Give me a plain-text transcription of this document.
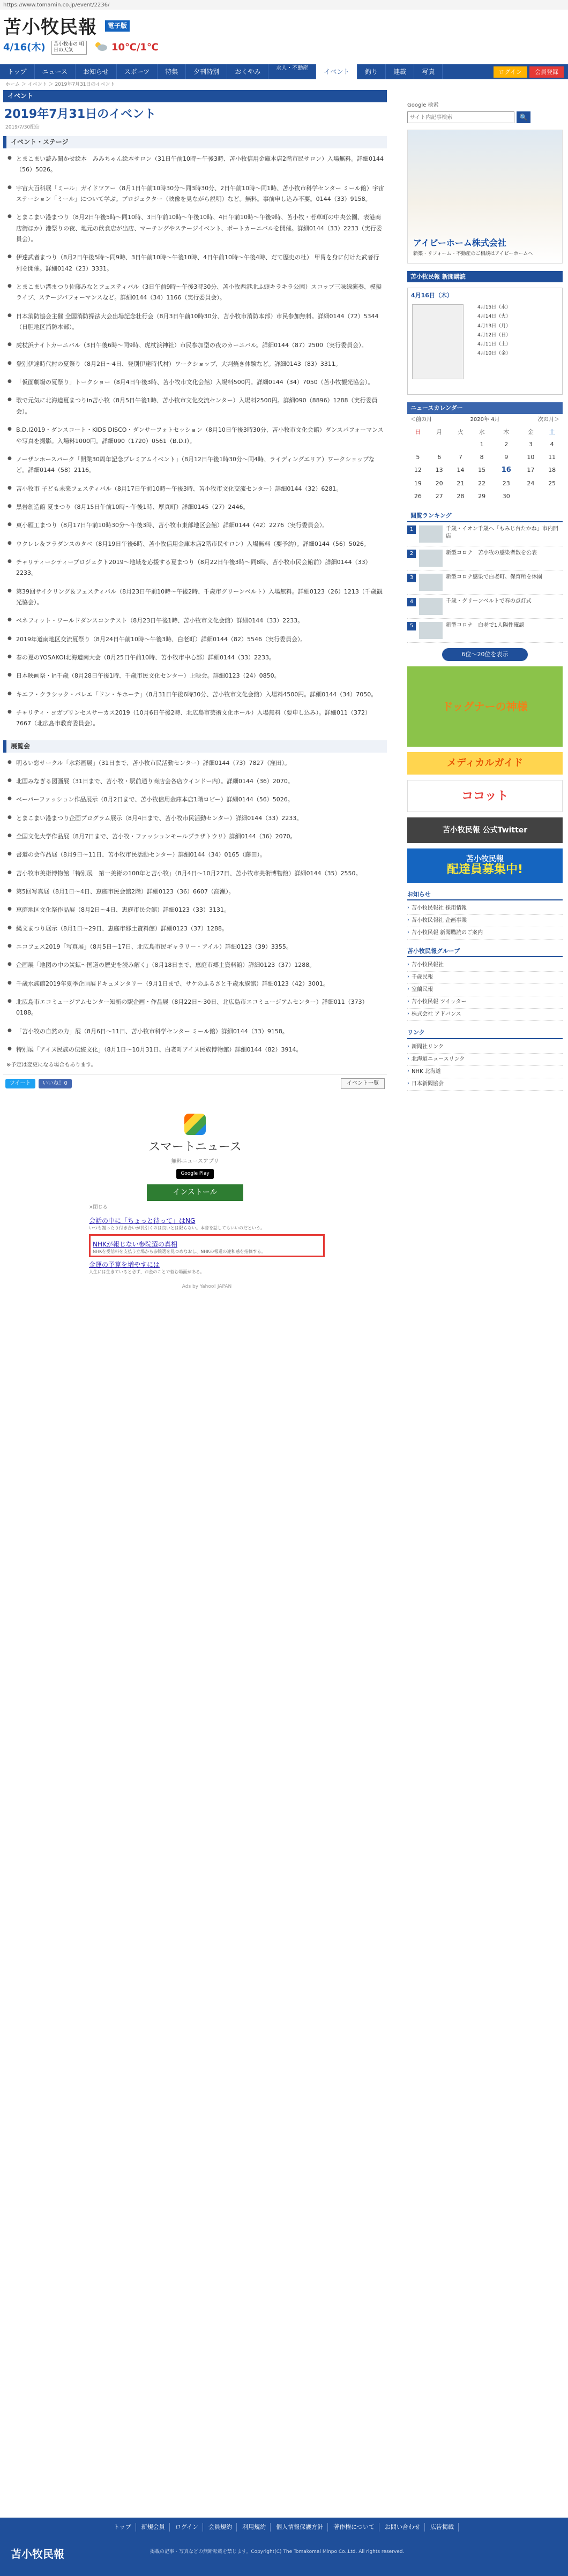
https://www.tomamin.co.jp/event/2236/
苫小牧民報	電子版
4/16(木)	苫小牧市の 明日の天気	10℃/1℃
トップ	ニュース	お知らせ	スポーツ	特集	夕刊特別	おくやみ	求人・不動産	イベント	釣り	連載	写真	ログイン	会員登録
ホーム ＞ イベント ＞ 2019年7月31日のイベント
イベント
2019年7月31日のイベント
2019/7/30配信
イベント・ステージ
● とまこまい読み聞かせ絵本　みみちゃん絵本サロン（31日午前10時～午後3時、苫小牧信用金庫本店2階市民サロン）入場無料。詳細0144（56）5026。
● 宇宙大百科展「ミール」ガイドツアー（8月1日午前10時30分～同3時30分、2日午前10時～同1時、苫小牧市科学センター ミール館）宇宙ステーション「ミール」について学ぶ。プロジェクター（映像を見ながら説明）など。無料。事前申し込み不要。0144（33）9158。
● とまこまい港まつり（8月2日午後5時～同10時、3日午前10時～午後10時、4日午前10時～午後9時、苫小牧・若草町の中央公園、表港商店街ほか）港祭りの夜、地元の飲食店が出店、マーチングやステージイベント、ポートカーニバルを開催。詳細0144（33）2233（実行委員会）。
● 伊達武者まつり（8月2日午後5時～同9時、3日午前10時～午後10時、4日午前10時～午後4時、だて歴史の杜） 甲冑を身に付けた武者行列を開催。詳細0142（23）3331。
● とまこまい港まつり佐藤みなとフェスティバル（3日午前9時～午後3時30分、苫小牧西港北ふ頭キラキラ公園）スコップ三味線演奏、模擬ライブ、ステージパフォーマンスなど。詳細0144（34）1166（実行委員会）。
● 日本消防協会主催 全国消防操法大会出場記念壮行会（8月3日午前10時30分、苫小牧市消防本部）市民参加無料。詳細0144（72）5344（日胆地区消防本部）。
● 虎杖浜ナイトカーニバル（3日午後6時～同9時、虎杖浜神社）市民参加型の夜のカーニバル。詳細0144（87）2500（実行委員会）。
● 登別伊達時代村の夏祭り（8月2日～4日、登別伊達時代村）ワークショップ、大判焼き体験など。詳細0143（83）3311。
● 「仮面劇場の夏祭り」トークショー（8月4日午後3時、苫小牧市文化会館）入場料500円。詳細0144（34）7050（苫小牧観光協会）。
● 歌で元気に北海道夏まつりin苫小牧（8月5日午後1時、苫小牧市文化交流センター）入場料2500円。詳細090（8896）1288（実行委員会）。
● B.D.I2019・ダンスコート・KIDS DISCO・ダンサーフォトセッション（8月10日午後3時30分、苫小牧市文化会館）ダンスパフォーマンスや写真を撮影。入場料1000円。詳細090（1720）0561（B.D.I）。
● ノーザンホースパーク「開業30周年記念プレミアムイベント」（8月12日午後1時30分～同4時、ライディングエリア）ワークショップなど。詳細0144（58）2116。
● 苫小牧市 子ども未来フェスティバル（8月17日午前10時～午後3時、苫小牧市文化交流センター）詳細0144（32）6281。
● 黒岩創造館 夏まつり（8月15日午前10時～午後1時、厚真町）詳細0145（27）2446。
● 東小雁工まつり（8月17日午前10時30分～午後3時、苫小牧市東部地区会館）詳細0144（42）2276（実行委員会）。
● ウクレレ＆フラダンスのタベ（8月19日午後6時、苫小牧信用金庫本店2階市民サロン）入場無料（要予約）。詳細0144（56）5026。
● チャリティーシティープロジェクト2019～地域を応援する夏まつり（8月22日午後3時～同8時、苫小牧市民会館前）詳細0144（33）2233。
● 第39回サイクリング＆フェスティバル（8月23日午前10時～午後2時、千歳市グリーンベルト）入場無料。詳細0123（26）1213（千歳観光協会）。
● ベネフィット・ワールドダンスコンテスト（8月23日午後1時、苫小牧市文化会館）詳細0144（33）2233。
● 2019年道南地区交流夏祭り（8月24日午前10時～午後3時、白老町）詳細0144（82）5546（実行委員会）。
● 春の夏のYOSAKOI北海道南大会（8月25日午前10時、苫小牧市中心部）詳細0144（33）2233。
● 日本映画祭・in千歳（8月28日午後1時、千歳市民文化センター）上映会。詳細0123（24）0850。
● キエフ・クラシック・バレエ「ドン・キホーテ」（8月31日午後6時30分、苫小牧市文化会館）入場料4500円。詳細0144（34）7050。
● チャリティ・ヨガプリンセスサーカス2019（10月6日午後2時、北広島市芸術文化ホール）入場無料（要申し込み）。詳細011（372）7667（北広島市教育委員会）。
展覧会
● 明るい窓サークル「水彩画展」（31日まで、苫小牧市民活動センター）詳細0144（73）7827（窪田）。
● 北国みなぎる図画展（31日まで、苫小牧・駅前通り商店会各店ウインドー内）。詳細0144（36）2070。
● ベーパーファッション作品展示（8月2日まで、苫小牧信用金庫本店1階ロビー）詳細0144（56）5026。
● とまこまい港まつり企画プログラム展示（8月4日まで、苫小牧市民活動センター）詳細0144（33）2233。
● 全国文化大学作品展（8月7日まで、苫小牧・ファッションモールプラザトウリ）詳細0144（36）2070。
● 書道の会作品展（8月9日～11日、苫小牧市民活動センター）詳細0144（34）0165（藤田）。
● 苫小牧市美術博物館「特別展　第一美術の100年と苫小牧」（8月4日～10月27日、苫小牧市美術博物館）詳細0144（35）2550。
● 第5回写真展（8月1日～4日、恵庭市民会館2階）詳細0123（36）6607（高瀬）。
● 恵庭地区文化祭作品展（8月2日～4日、恵庭市民会館）詳細0123（33）3131。
● 縄文まつり展示（8月1日～29日、恵庭市郷土資料館）詳細0123（37）1288。
● エコフェス2019「写真展」（8月5日～17日、北広島市民ギャラリー・アイル）詳細0123（39）3355。
● 企画展「地図の中の炭鉱～国道の歴史を読み解く」（8月18日まで、恵庭市郷土資料館）詳細0123（37）1288。
● 千歳水族館2019年夏季企画展ドキュメンタリー（9月1日まで、サケのふるさと千歳水族館）詳細0123（42）3001。
● 北広島市エコミュージアムセンター知新の駅企画・作品展（8月22日～30日、北広島市エコミュージアムセンター）詳細011（373）0188。
● 「苫小牧の自然の力」展（8月6日～11日、苫小牧市科学センター ミール館）詳細0144（33）9158。
● 特別展「アイヌ民族の伝統文化」（8月1日～10月31日、白老町アイヌ民族博物館）詳細0144（82）3914。
※予定は変更になる場合もあります。
ツイート	いいね！0	イベント一覧
スマートニュース
無料ニュースアプリ
Google Play
インストール
×閉じる
会話の中に「ちょっと待って」はNG
いつも謝ったり付き合いが長引くのは良いとは限らない。本音を話してもいいのだという。
NHKが報じない参院選の真相
NHKを受信料を支払う立場から参院選を見つめなおし、NHKの報道の違和感を指摘する。
金運の予算を増やすには
人生には生きていると必ず、お金のことで悩む場面がある。
Ads by Yahoo! JAPAN
Google 検索
サイト内記事検索
🔍
アイビーホーム株式会社
新築・リフォーム・不動産のご相談はアイビーホームへ
苫小牧民報 新聞購読
4月16日（木）
4月15日（水）
4月14日（火）
4月13日（月）
4月12日（日）
4月11日（土）
4月10日（金）
ニュースカレンダー
＜前の月	2020年 4月	次の月＞
日	月	火	水	木	金	土
			1	2	3	4
5	6	7	8	9	10	11
12	13	14	15	16	17	18
19	20	21	22	23	24	25
26	27	28	29	30		
閲覧ランキング
1	千歳・イオン千歳へ「もみじ台たかね」市内開店
2	新型コロナ　苫小牧の感染者数を公表
3	新型コロナ感染で白老町、保育所を休園
4	千歳・グリーンベルトで春の点灯式
5	新型コロナ　白老で1人陽性確認
6位～20位を表示
ドッグナーの神様
メディカルガイド
ココット
苫小牧民報 公式Twitter
苫小牧民報
配達員募集中!
お知らせ
› 苫小牧民報社 採用情報
› 苫小牧民報社 企画事業
› 苫小牧民報 新聞購読のご案内
苫小牧民報グループ
› 苫小牧民報社
› 千歳民報
› 室蘭民報
› 苫小牧民報 ツイッター
› 株式会社 アドバンス
リンク
› 新聞社リンク
› 北海道ニュースリンク
› NHK 北海道
› 日本新聞協会
トップ	新規会員	ログイン	会員規約	利用規約	個人情報保護方針	著作権について	お問い合わせ	広告掲載
苫小牧民報	掲載の記事・写真などの無断転載を禁じます。Copyright(C) The Tomakomai Minpo Co.,Ltd. All rights reserved.
